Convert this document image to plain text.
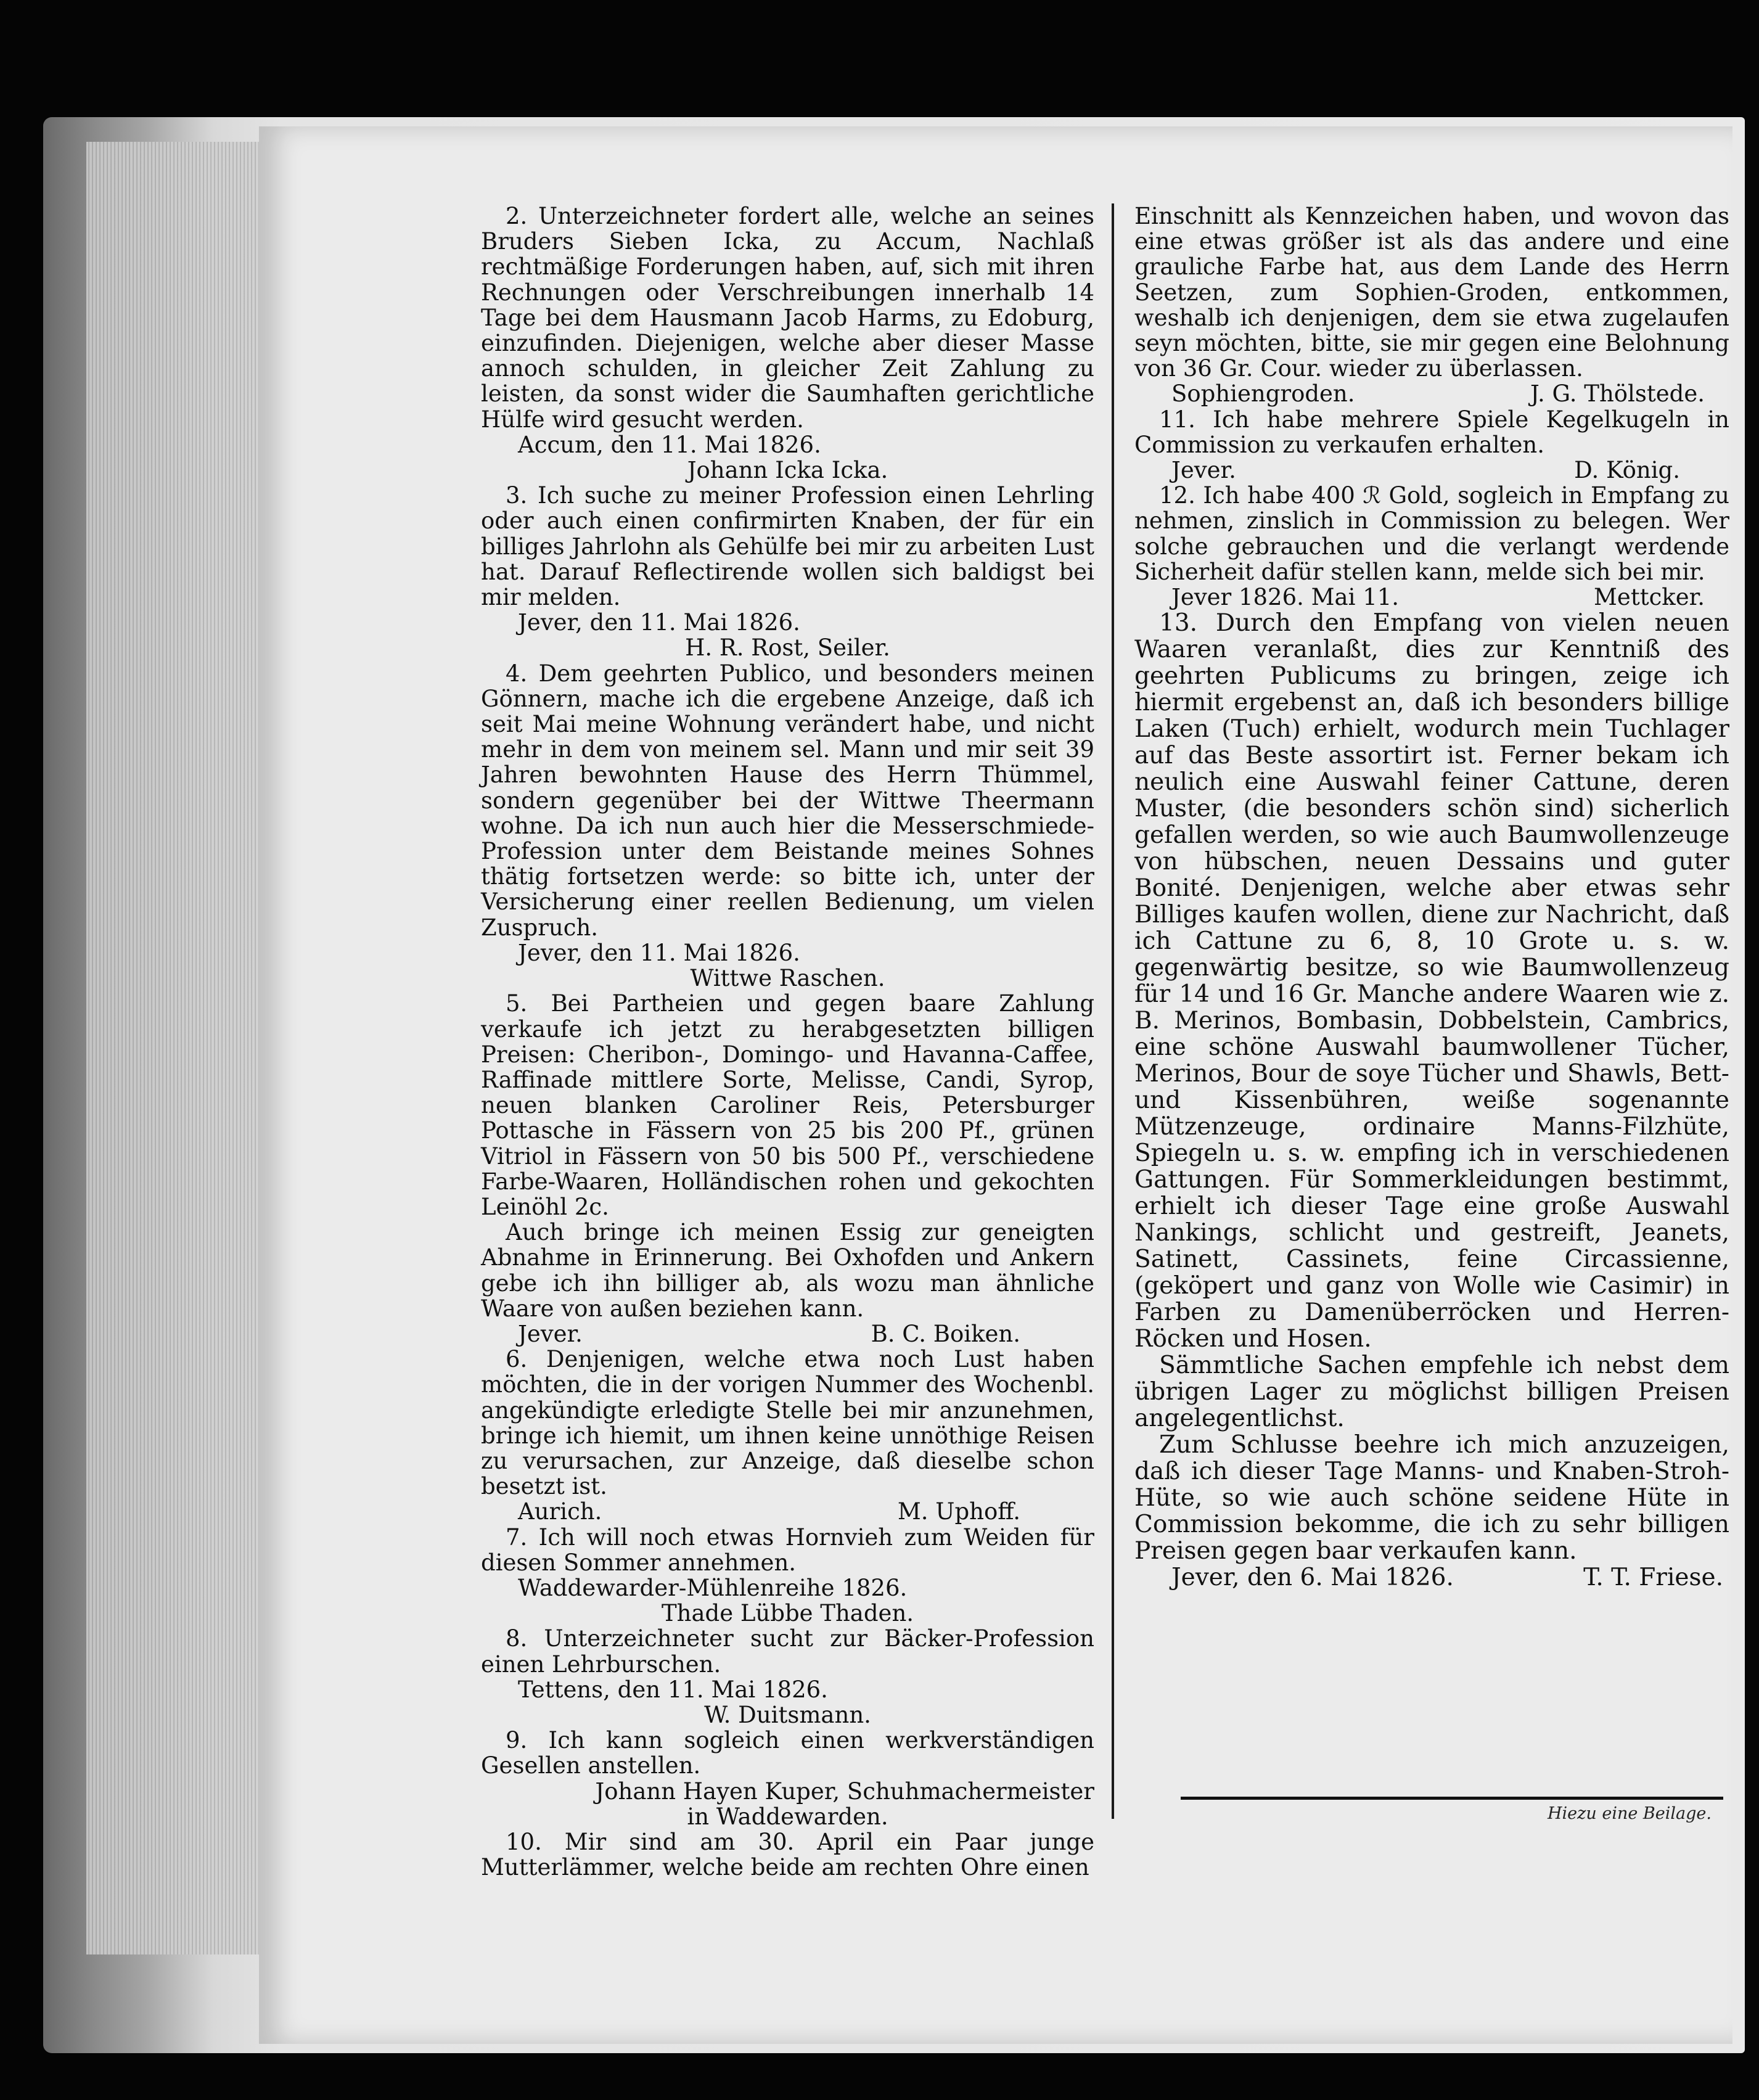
2. Unterzeichneter fordert alle, welche an seines Bruders Sieben Icka, zu Accum, Nachlaß rechtmäßige Forderungen haben, auf, sich mit ihren Rechnungen oder Verschreibungen innerhalb 14 Tage bei dem Hausmann Jacob Harms, zu Edoburg, einzufinden. Diejenigen, welche aber dieser Masse annoch schulden, in gleicher Zeit Zahlung zu leisten, da sonst wider die Saumhaften gerichtliche Hülfe wird gesucht werden.

Accum, den 11. Mai 1826.

Johann Icka Icka.

3. Ich suche zu meiner Profession einen Lehrling oder auch einen confirmirten Knaben, der für ein billiges Jahrlohn als Gehülfe bei mir zu arbeiten Lust hat. Darauf Reflectirende wollen sich baldigst bei mir melden.

Jever, den 11. Mai 1826.

H. R. Rost, Seiler.

4. Dem geehrten Publico, und besonders meinen Gönnern, mache ich die ergebene Anzeige, daß ich seit Mai meine Wohnung verändert habe, und nicht mehr in dem von meinem sel. Mann und mir seit 39 Jahren bewohnten Hause des Herrn Thümmel, sondern gegenüber bei der Wittwe Theermann wohne. Da ich nun auch hier die Messerschmiede-Profession unter dem Beistande meines Sohnes thätig fortsetzen werde: so bitte ich, unter der Versicherung einer reellen Bedienung, um vielen Zuspruch.

Jever, den 11. Mai 1826.

Wittwe Raschen.

5. Bei Partheien und gegen baare Zahlung verkaufe ich jetzt zu herabgesetzten billigen Preisen: Cheribon-, Domingo- und Havanna-Caffee, Raffinade mittlere Sorte, Melisse, Candi, Syrop, neuen blanken Caroliner Reis, Petersburger Pottasche in Fässern von 25 bis 200 Pf., grünen Vitriol in Fässern von 50 bis 500 Pf., verschiedene Farbe-Waaren, Holländischen rohen und gekochten Leinöhl 2c.

Auch bringe ich meinen Essig zur geneigten Abnahme in Erinnerung. Bei Oxhofden und Ankern gebe ich ihn billiger ab, als wozu man ähnliche Waare von außen beziehen kann.

Jever.	B. C. Boiken.

6. Denjenigen, welche etwa noch Lust haben möchten, die in der vorigen Nummer des Wochenbl. angekündigte erledigte Stelle bei mir anzunehmen, bringe ich hiemit, um ihnen keine unnöthige Reisen zu verursachen, zur Anzeige, daß dieselbe schon besetzt ist.

Aurich.	M. Uphoff.

7. Ich will noch etwas Hornvieh zum Weiden für diesen Sommer annehmen.

Waddewarder-Mühlenreihe 1826.

Thade Lübbe Thaden.

8. Unterzeichneter sucht zur Bäcker-Profession einen Lehrburschen.

Tettens, den 11. Mai 1826.

W. Duitsmann.

9. Ich kann sogleich einen werkverständigen Gesellen anstellen.

Johann Hayen Kuper, Schuhmachermeister

in Waddewarden.

10. Mir sind am 30. April ein Paar junge Mutterlämmer, welche beide am rechten Ohre einen

Einschnitt als Kennzeichen haben, und wovon das eine etwas größer ist als das andere und eine grauliche Farbe hat, aus dem Lande des Herrn Seetzen, zum Sophien-Groden, entkommen, weshalb ich denjenigen, dem sie etwa zugelaufen seyn möchten, bitte, sie mir gegen eine Belohnung von 36 Gr. Cour. wieder zu überlassen.

Sophiengroden.	J. G. Thölstede.

11. Ich habe mehrere Spiele Kegelkugeln in Commission zu verkaufen erhalten.

Jever.	D. König.

12. Ich habe 400 ℛ Gold, sogleich in Empfang zu nehmen, zinslich in Commission zu belegen. Wer solche gebrauchen und die verlangt werdende Sicherheit dafür stellen kann, melde sich bei mir.

Jever 1826. Mai 11.	Mettcker.

13. Durch den Empfang von vielen neuen Waaren veranlaßt, dies zur Kenntniß des geehrten Publicums zu bringen, zeige ich hiermit ergebenst an, daß ich besonders billige Laken (Tuch) erhielt, wodurch mein Tuchlager auf das Beste assortirt ist. Ferner bekam ich neulich eine Auswahl feiner Cattune, deren Muster, (die besonders schön sind) sicherlich gefallen werden, so wie auch Baumwollenzeuge von hübschen, neuen Dessains und guter Bonité. Denjenigen, welche aber etwas sehr Billiges kaufen wollen, diene zur Nachricht, daß ich Cattune zu 6, 8, 10 Grote u. s. w. gegenwärtig besitze, so wie Baumwollenzeug für 14 und 16 Gr. Manche andere Waaren wie z. B. Merinos, Bombasin, Dobbelstein, Cambrics, eine schöne Auswahl baumwollener Tücher, Merinos, Bour de soye Tücher und Shawls, Bett- und Kissenbühren, weiße sogenannte Mützenzeuge, ordinaire Manns-Filzhüte, Spiegeln u. s. w. empfing ich in verschiedenen Gattungen. Für Sommerkleidungen bestimmt, erhielt ich dieser Tage eine große Auswahl Nankings, schlicht und gestreift, Jeanets, Satinett, Cassinets, feine Circassienne, (geköpert und ganz von Wolle wie Casimir) in Farben zu Damenüberröcken und Herren-Röcken und Hosen.

Sämmtliche Sachen empfehle ich nebst dem übrigen Lager zu möglichst billigen Preisen angelegentlichst.

Zum Schlusse beehre ich mich anzuzeigen, daß ich dieser Tage Manns- und Knaben-Stroh-Hüte, so wie auch schöne seidene Hüte in Commission bekomme, die ich zu sehr billigen Preisen gegen baar verkaufen kann.

Jever, den 6. Mai 1826.	T. T. Friese.
Hiezu eine Beilage.
